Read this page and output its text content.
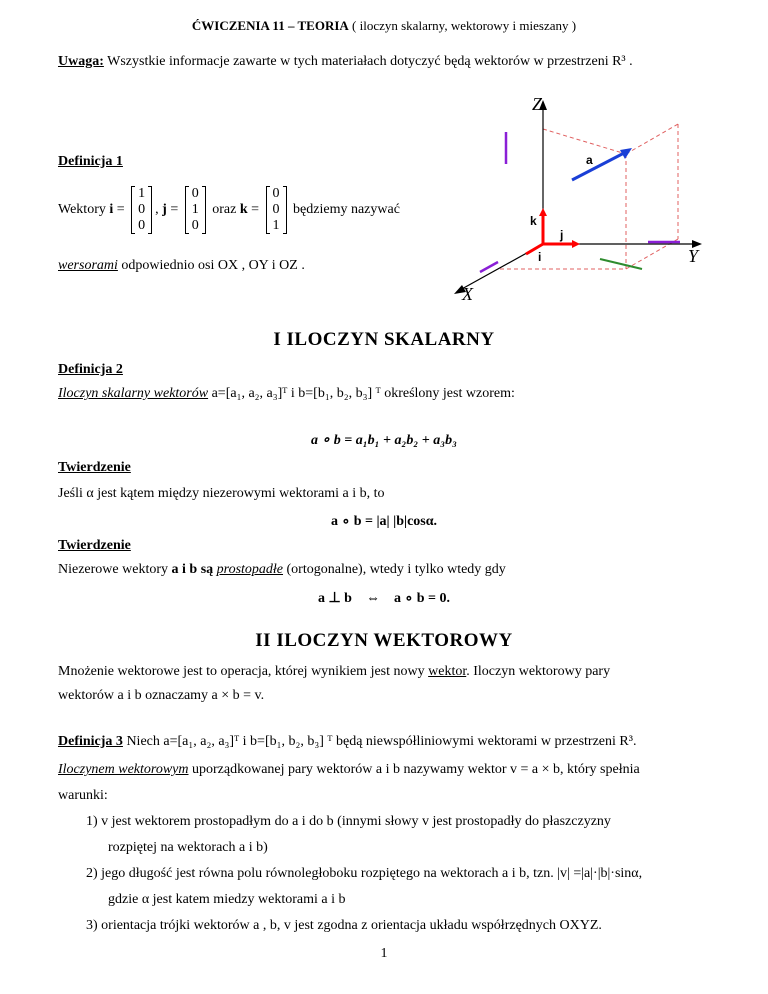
ĆWICZENIA 11 – TEORIA ( iloczyn skalarny, wektorowy i mieszany )
Uwaga: Wszystkie informacje zawarte w tych materiałach dotyczyć będą wektorów w przestrzeni R³ .
Definicja 1
Wektory i = 1
0
0, j = 0
1
0 oraz k = 0
0
1 będziemy nazywać
wersorami odpowiednio osi OX , OY i OZ .
Z
Y
X
a
k
j
i
I ILOCZYN SKALARNY
Definicja 2
Iloczyn skalarny wektorów a=[a₁, a₂, a₃]ᵀ i b=[b₁, b₂, b₃] ᵀ określony jest wzorem:
a ∘ b = a₁b₁ + a₂b₂ + a₃b₃
Twierdzenie
Jeśli α jest kątem między niezerowymi wektorami a i b, to
a ∘ b = |a| |b|cosα.
Twierdzenie
Niezerowe wektory a i b są prostopadłe (ortogonalne), wtedy i tylko wtedy gdy
a ⊥ b ⇔ a ∘ b = 0.
II ILOCZYN WEKTOROWY
Mnożenie wektorowe jest to operacja, której wynikiem jest nowy wektor. Iloczyn wektorowy pary
wektorów a i b oznaczamy a × b = v.
Definicja 3 Niech a=[a₁, a₂, a₃]ᵀ i b=[b₁, b₂, b₃] ᵀ będą niewspółliniowymi wektorami w przestrzeni R³.
Iloczynem wektorowym uporządkowanej pary wektorów a i b nazywamy wektor v = a × b, który spełnia
warunki:
1) v jest wektorem prostopadłym do a i do b (innymi słowy v jest prostopadły do płaszczyzny
rozpiętej na wektorach a i b)
2) jego długość jest równa polu równoległoboku rozpiętego na wektorach a i b, tzn. |v| =|a|·|b|·sinα,
gdzie α jest katem miedzy wektorami a i b
3) orientacja trójki wektorów a , b, v jest zgodna z orientacja układu współrzędnych OXYZ.
1
